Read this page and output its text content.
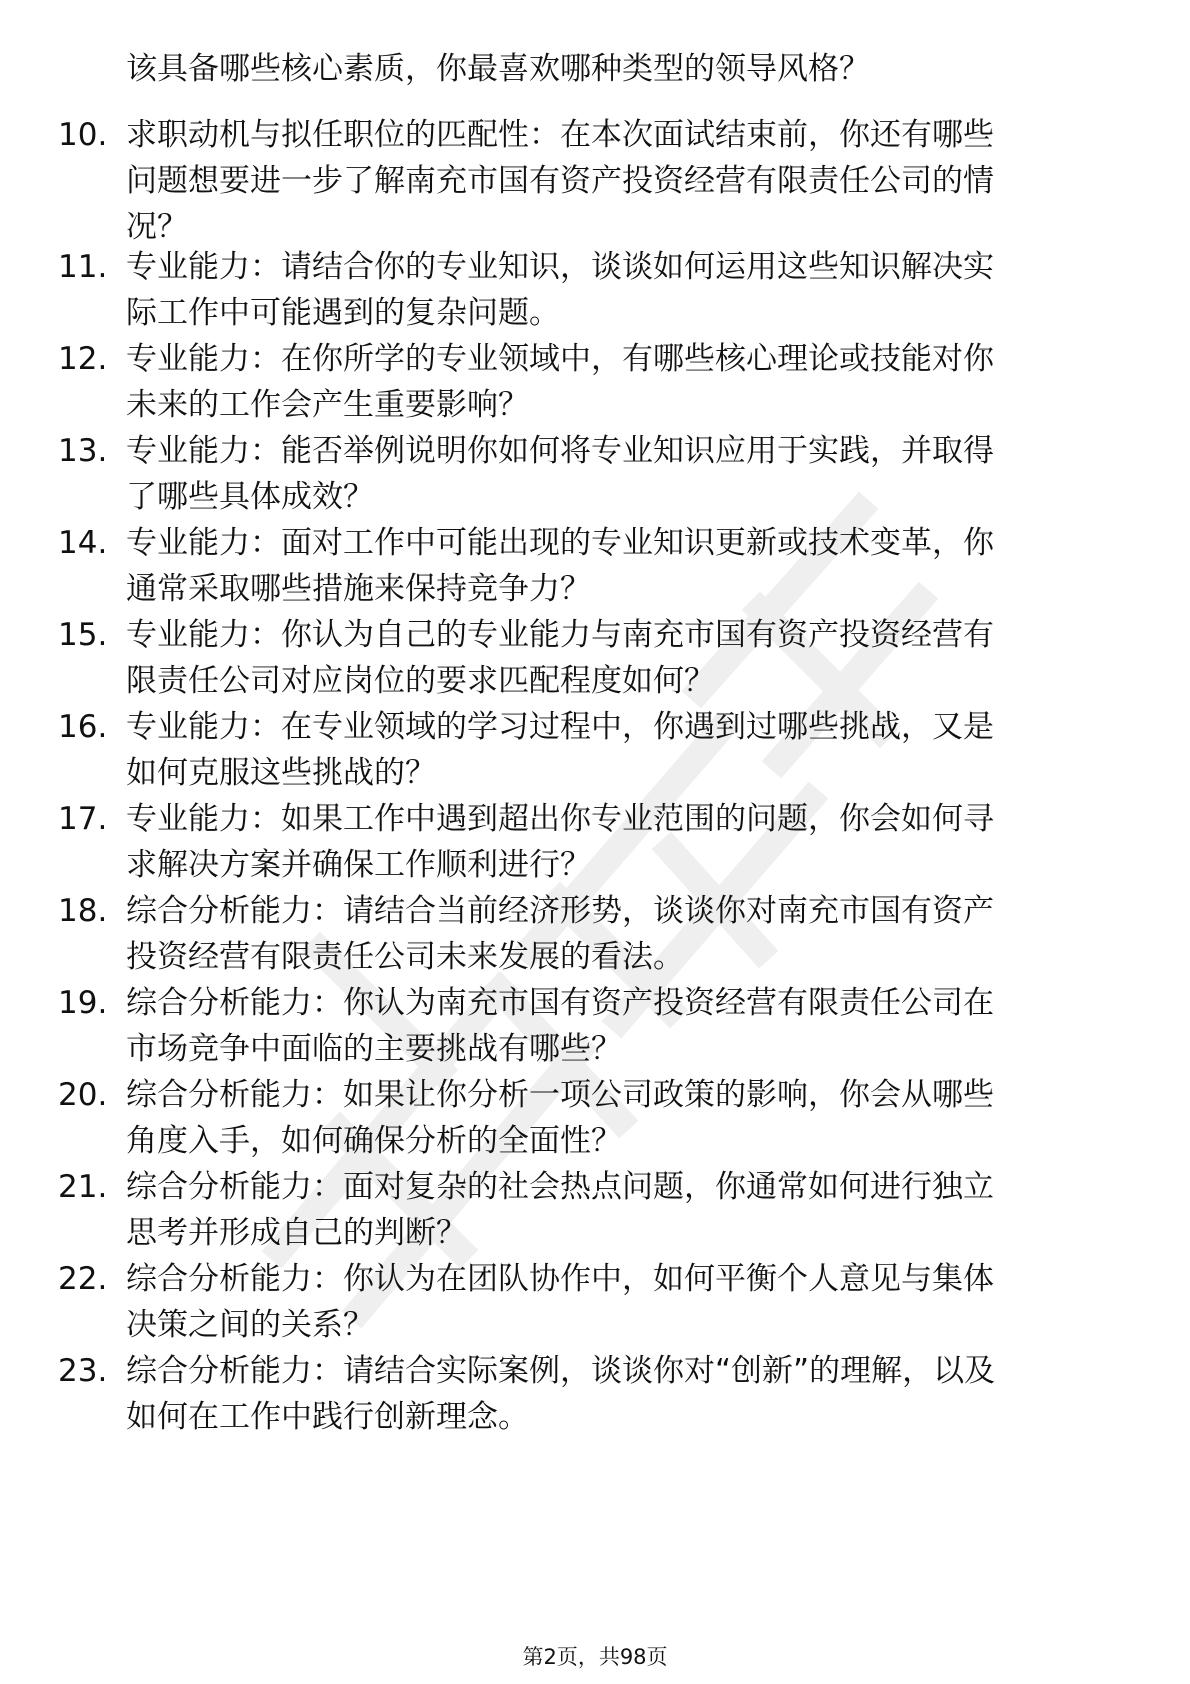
该具备哪些核心素质，你最喜欢哪种类型的领导风格？
10. 求职动机与拟任职位的匹配性：在本次面试结束前，你还有哪些
问题想要进一步了解南充市国有资产投资经营有限责任公司的情
况？
11. 专业能力：请结合你的专业知识，谈谈如何运用这些知识解决实
际工作中可能遇到的复杂问题。
12. 专业能力：在你所学的专业领域中，有哪些核心理论或技能对你
未来的工作会产生重要影响？
13. 专业能力：能否举例说明你如何将专业知识应用于实践，并取得
了哪些具体成效？
14. 专业能力：面对工作中可能出现的专业知识更新或技术变革，你
通常采取哪些措施来保持竞争力？
15. 专业能力：你认为自己的专业能力与南充市国有资产投资经营有
限责任公司对应岗位的要求匹配程度如何？
16. 专业能力：在专业领域的学习过程中，你遇到过哪些挑战，又是
如何克服这些挑战的？
17. 专业能力：如果工作中遇到超出你专业范围的问题，你会如何寻
求解决方案并确保工作顺利进行？
18. 综合分析能力：请结合当前经济形势，谈谈你对南充市国有资产
投资经营有限责任公司未来发展的看法。
19. 综合分析能力：你认为南充市国有资产投资经营有限责任公司在
市场竞争中面临的主要挑战有哪些？
20. 综合分析能力：如果让你分析一项公司政策的影响，你会从哪些
角度入手，如何确保分析的全面性？
21. 综合分析能力：面对复杂的社会热点问题，你通常如何进行独立
思考并形成自己的判断？
22. 综合分析能力：你认为在团队协作中，如何平衡个人意见与集体
决策之间的关系？
23. 综合分析能力：请结合实际案例，谈谈你对“创新”的理解，以及
如何在工作中践行创新理念。
第2页，共98页
